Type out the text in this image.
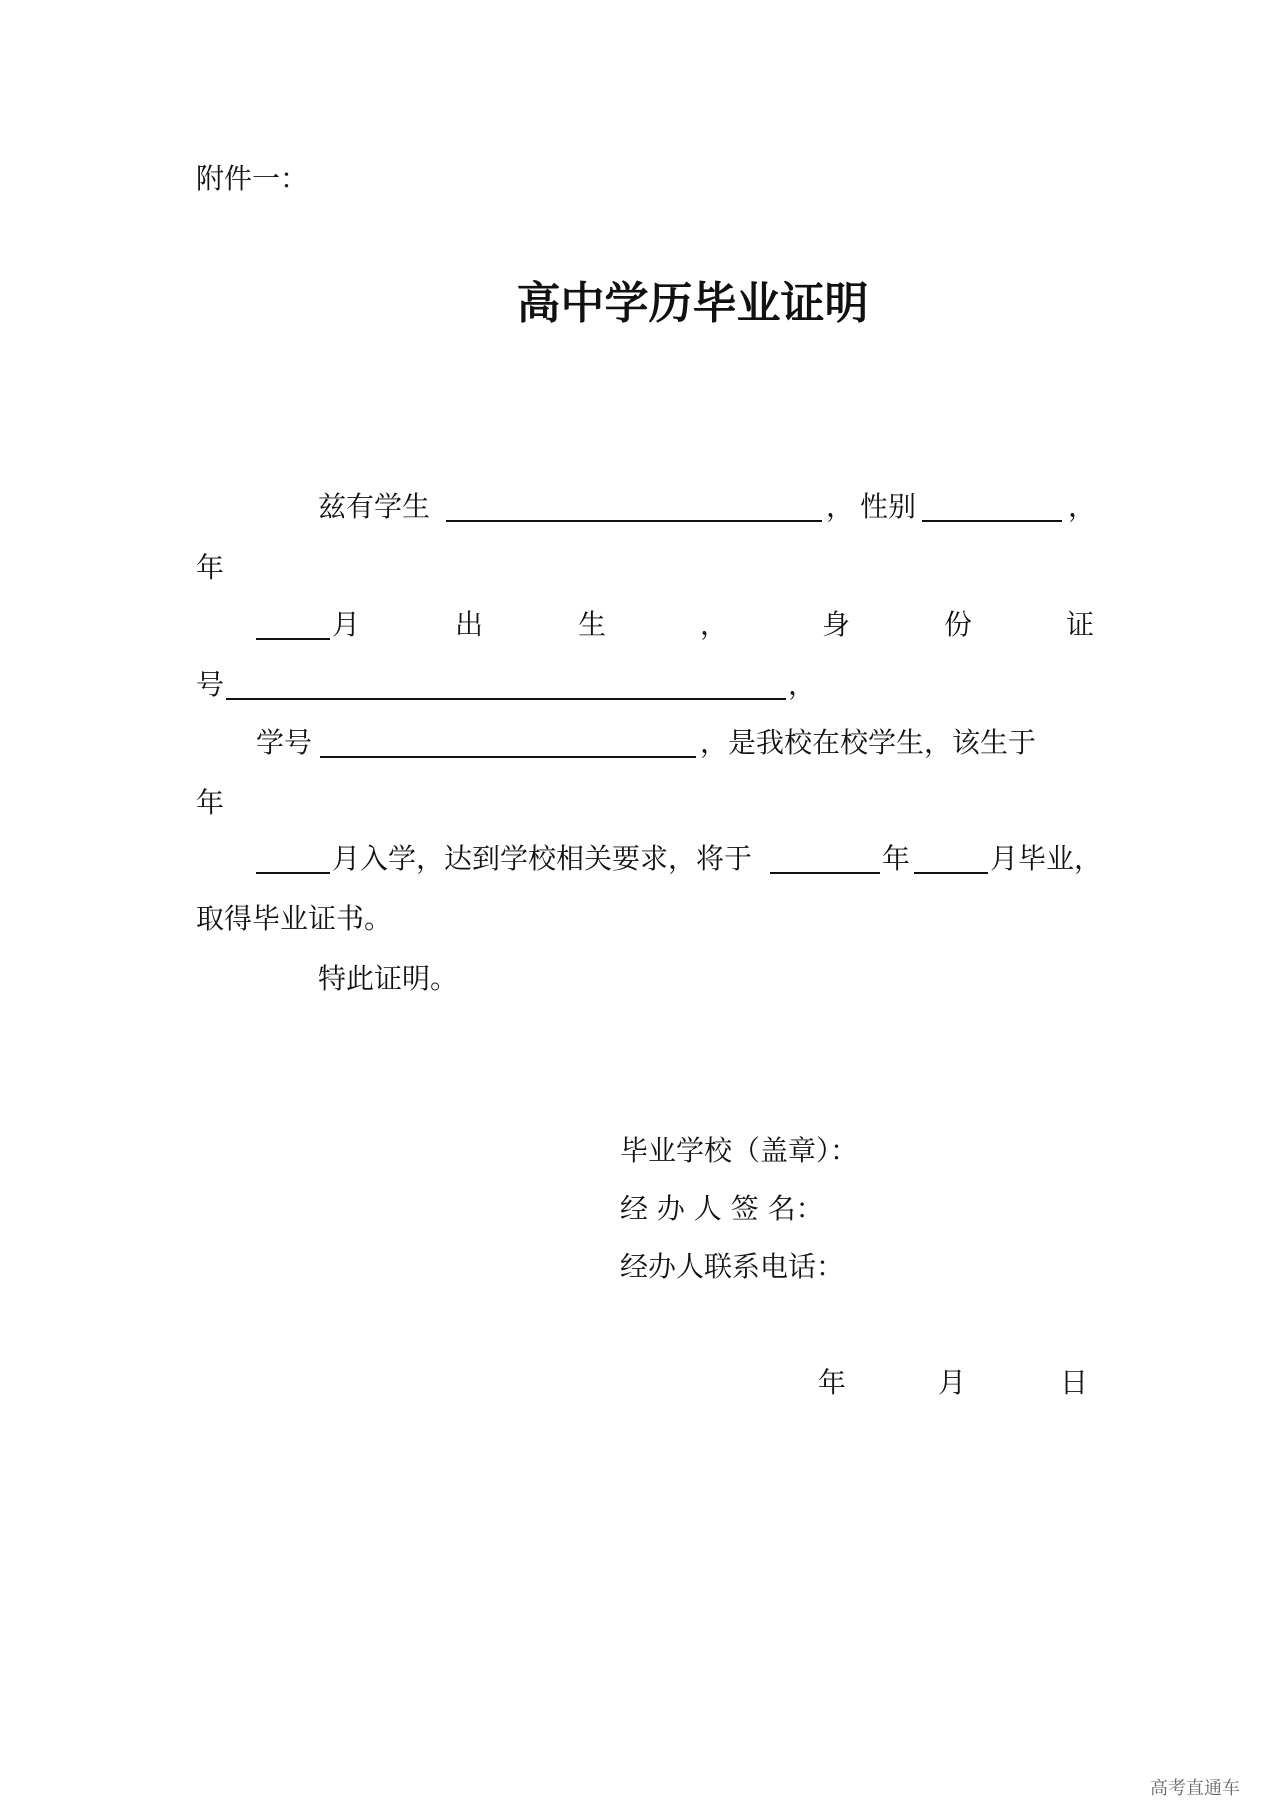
附件一：
高中学历毕业证明
兹有学生	， 性别	，
年
月	出	生	，	身	份	证
号	，
学号	，是我校在校学生，该生于
年
月入学，达到学校相关要求，将于	年	月毕业，
取得毕业证书。
特此证明。
毕业学校（盖章）：
经 办 人 签 名：
经办人联系电话：
年	月	日
高考直通车
